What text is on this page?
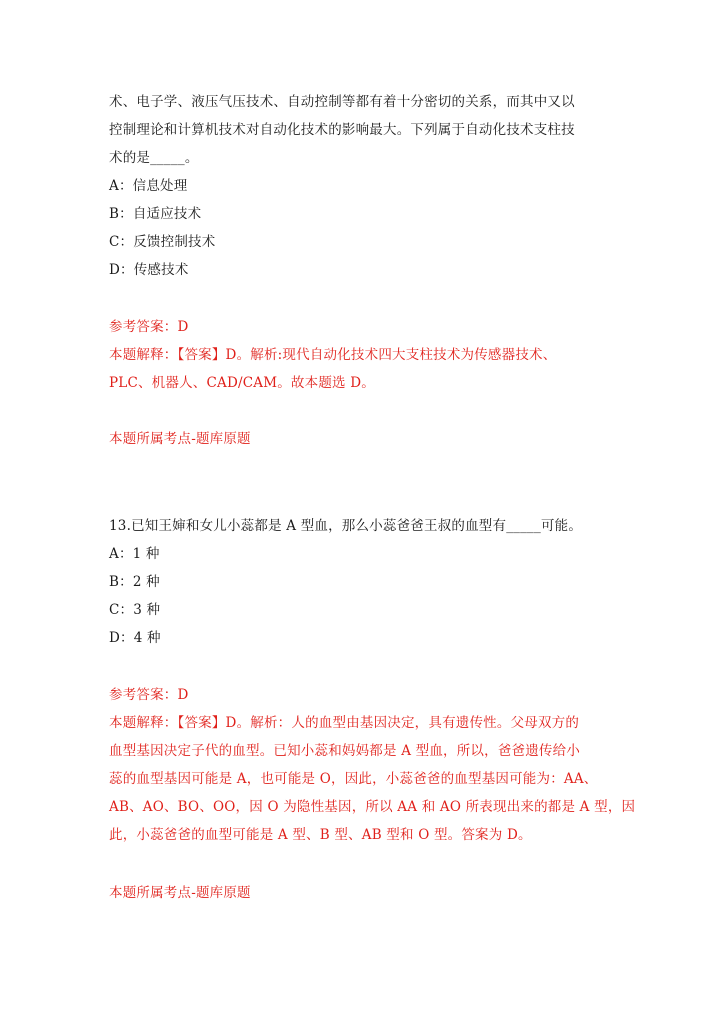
术、电子学、液压气压技术、自动控制等都有着十分密切的关系，而其中又以
控制理论和计算机技术对自动化技术的影响最大。下列属于自动化技术支柱技
术的是_____。
A：信息处理
B：自适应技术
C：反馈控制技术
D：传感技术
参考答案：D
本题解释：【答案】D。解析:现代自动化技术四大支柱技术为传感器技术、
PLC、机器人、CAD/CAM。故本题选 D。
本题所属考点-题库原题
13.已知王婶和女儿小蕊都是 A 型血，那么小蕊爸爸王叔的血型有_____可能。
A：1 种
B：2 种
C：3 种
D：4 种
参考答案：D
本题解释：【答案】D。解析：人的血型由基因决定，具有遗传性。父母双方的
血型基因决定子代的血型。已知小蕊和妈妈都是 A 型血，所以，爸爸遗传给小
蕊的血型基因可能是 A，也可能是 O，因此，小蕊爸爸的血型基因可能为：AA、
AB、AO、BO、OO，因 O 为隐性基因，所以 AA 和 AO 所表现出来的都是 A 型，因
此，小蕊爸爸的血型可能是 A 型、B 型、AB 型和 O 型。答案为 D。
本题所属考点-题库原题
